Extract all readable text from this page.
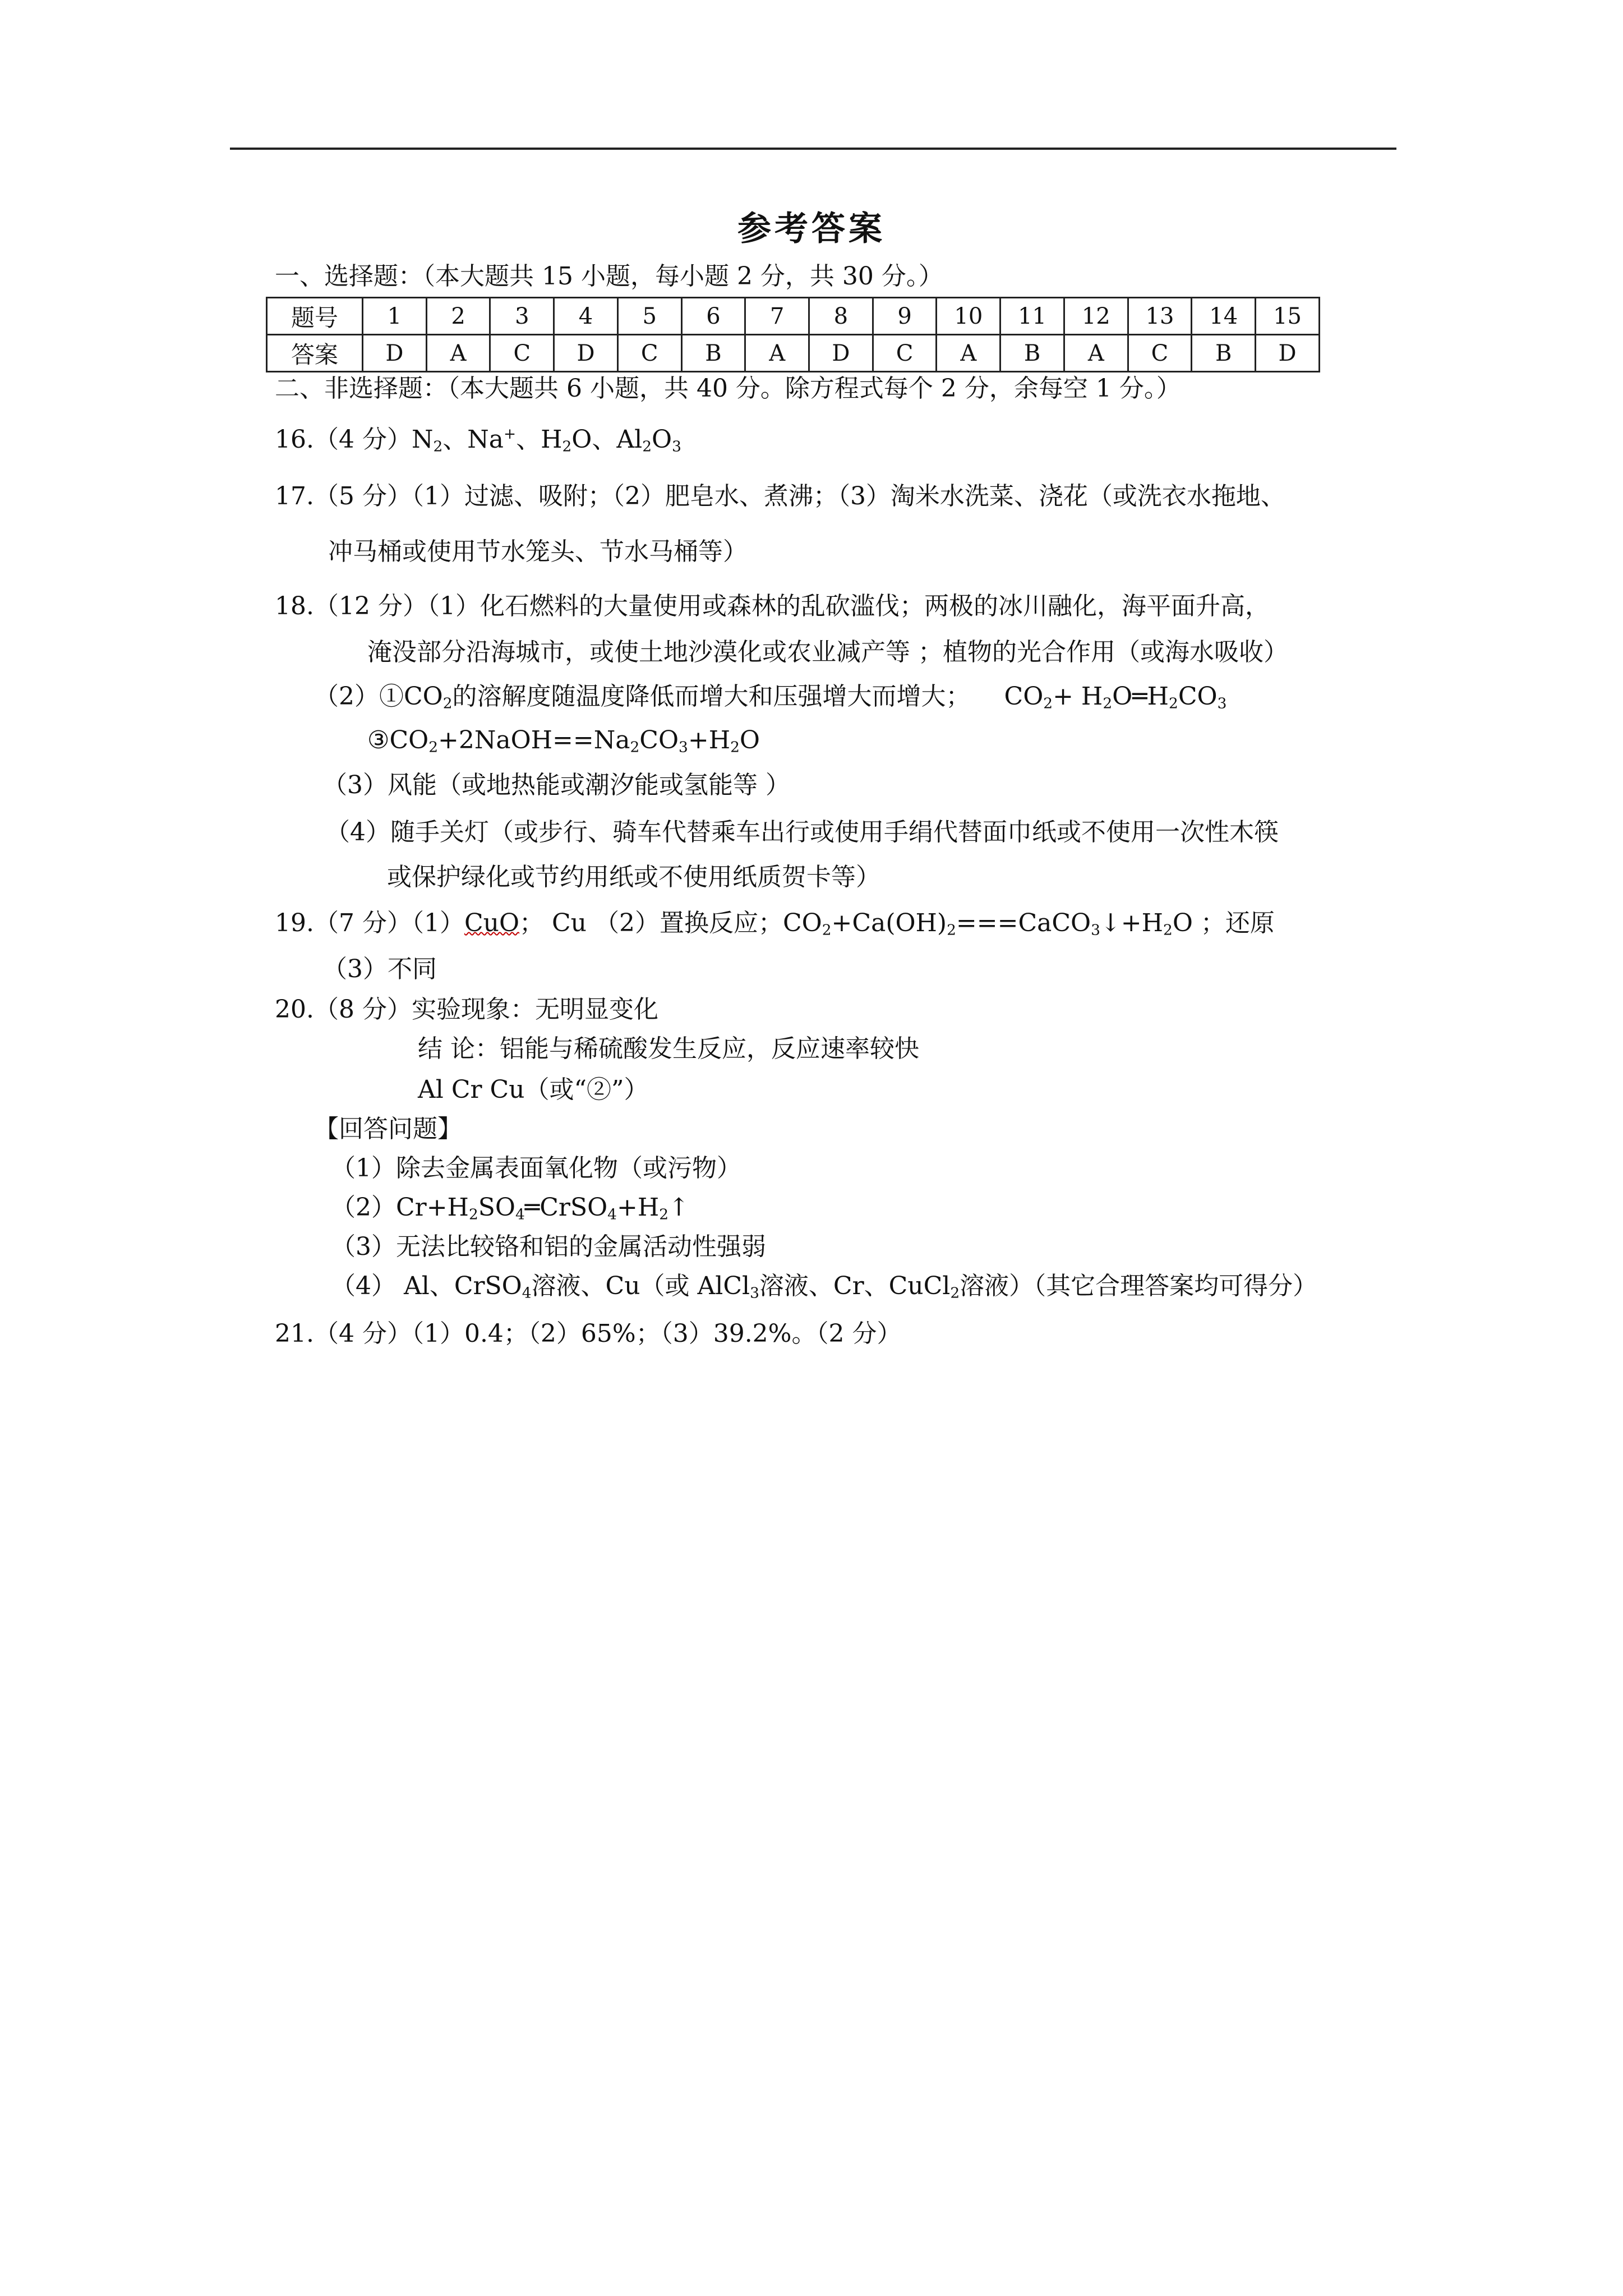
参考答案
一、选择题：（本大题共 15 小题，每小题 2 分，共 30 分。）
题号	1	2	3	4	5	6	7	8	9	10	11	12	13	14	15
答案	D	A	C	D	C	B	A	D	C	A	B	A	C	B	D
二、非选择题：（本大题共 6 小题，共 40 分。除方程式每个 2 分，余每空 1 分。）
16.（4 分）$N_2$、Na+、$H_2O$、$Al_2O_3$
17.（5 分）（1）过滤、吸附；（2）肥皂水、煮沸；（3）淘米水洗菜、浇花（或洗衣水拖地、
冲马桶或使用节水笼头、节水马桶等）
18.（12 分）（1）化石燃料的大量使用或森林的乱砍滥伐；两极的冰川融化，海平面升高，
淹没部分沿海城市，或使土地沙漠化或农业减产等 ；植物的光合作用（或海水吸收）
$(2)①CO_2$的溶解度随温度降低而增大和压强增大而增大； $CO_2+$ $H_2O═H_2CO_3$
$③CO_2+2NaOH==Na_2CO_3+H_2O$
（3）风能（或地热能或潮汐能或氢能等 ）
（4）随手关灯（或步行、骑车代替乘车出行或使用手绢代替面巾纸或不使用一次性木筷
或保护绿化或节约用纸或不使用纸质贺卡等）
19.（7 分）（1）CuO； Cu （2）置换反应；$CO_2+Ca(OH)_2===CaCO_3↓+H_2O$ ；还原
（3）不同
20.（8 分）实验现象：无明显变化
结 论：铝能与稀硫酸发生反应，反应速率较快
Al Cr Cu（或“②”）
【回答问题】
（1）除去金属表面氧化物（或污物）
$(2)Cr+H_2SO_4═CrSO_4+H_2↑$
（3）无法比较铬和铝的金属活动性强弱
（4） Al、CrSO$_4$溶液、Cu（或 AlCl$_3$溶液、Cr、CuCl$_2$溶液）（其它合理答案均可得分）
21.（4 分）（1）0.4；（2）65%；（3）39.2%。（2 分）
